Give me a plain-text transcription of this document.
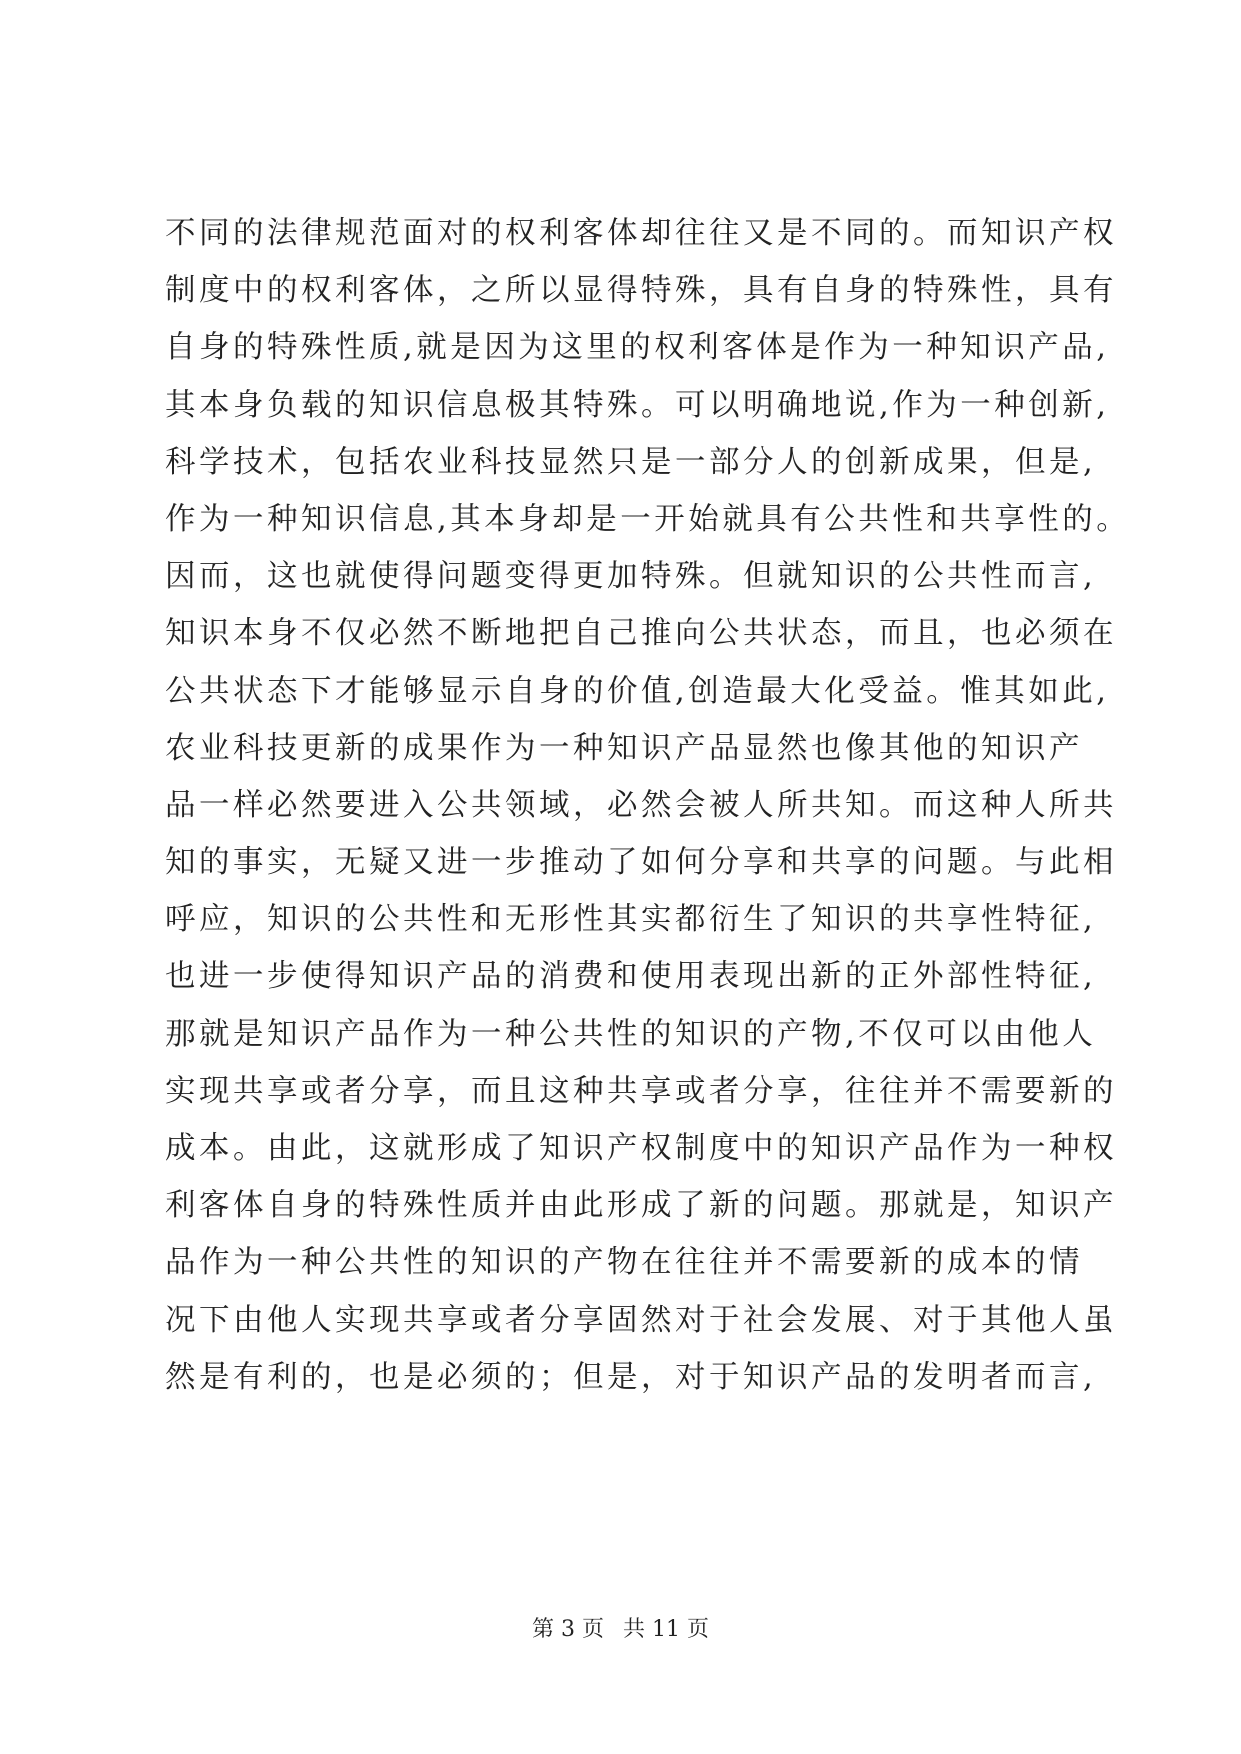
不同的法律规范面对的权利客体却往往又是不同的。而知识产权
制度中的权利客体，之所以显得特殊，具有自身的特殊性，具有
自身的特殊性质,就是因为这里的权利客体是作为一种知识产品,
其本身负载的知识信息极其特殊。可以明确地说,作为一种创新,
科学技术，包括农业科技显然只是一部分人的创新成果，但是,
作为一种知识信息,其本身却是一开始就具有公共性和共享性的。
因而，这也就使得问题变得更加特殊。但就知识的公共性而言,
知识本身不仅必然不断地把自己推向公共状态，而且，也必须在
公共状态下才能够显示自身的价值,创造最大化受益。惟其如此,
农业科技更新的成果作为一种知识产品显然也像其他的知识产
品一样必然要进入公共领域，必然会被人所共知。而这种人所共
知的事实，无疑又进一步推动了如何分享和共享的问题。与此相
呼应，知识的公共性和无形性其实都衍生了知识的共享性特征,
也进一步使得知识产品的消费和使用表现出新的正外部性特征,
那就是知识产品作为一种公共性的知识的产物,不仅可以由他人
实现共享或者分享，而且这种共享或者分享，往往并不需要新的
成本。由此，这就形成了知识产权制度中的知识产品作为一种权
利客体自身的特殊性质并由此形成了新的问题。那就是，知识产
品作为一种公共性的知识的产物在往往并不需要新的成本的情
况下由他人实现共享或者分享固然对于社会发展、对于其他人虽
然是有利的，也是必须的；但是，对于知识产品的发明者而言,
第 3 页 共 11 页
